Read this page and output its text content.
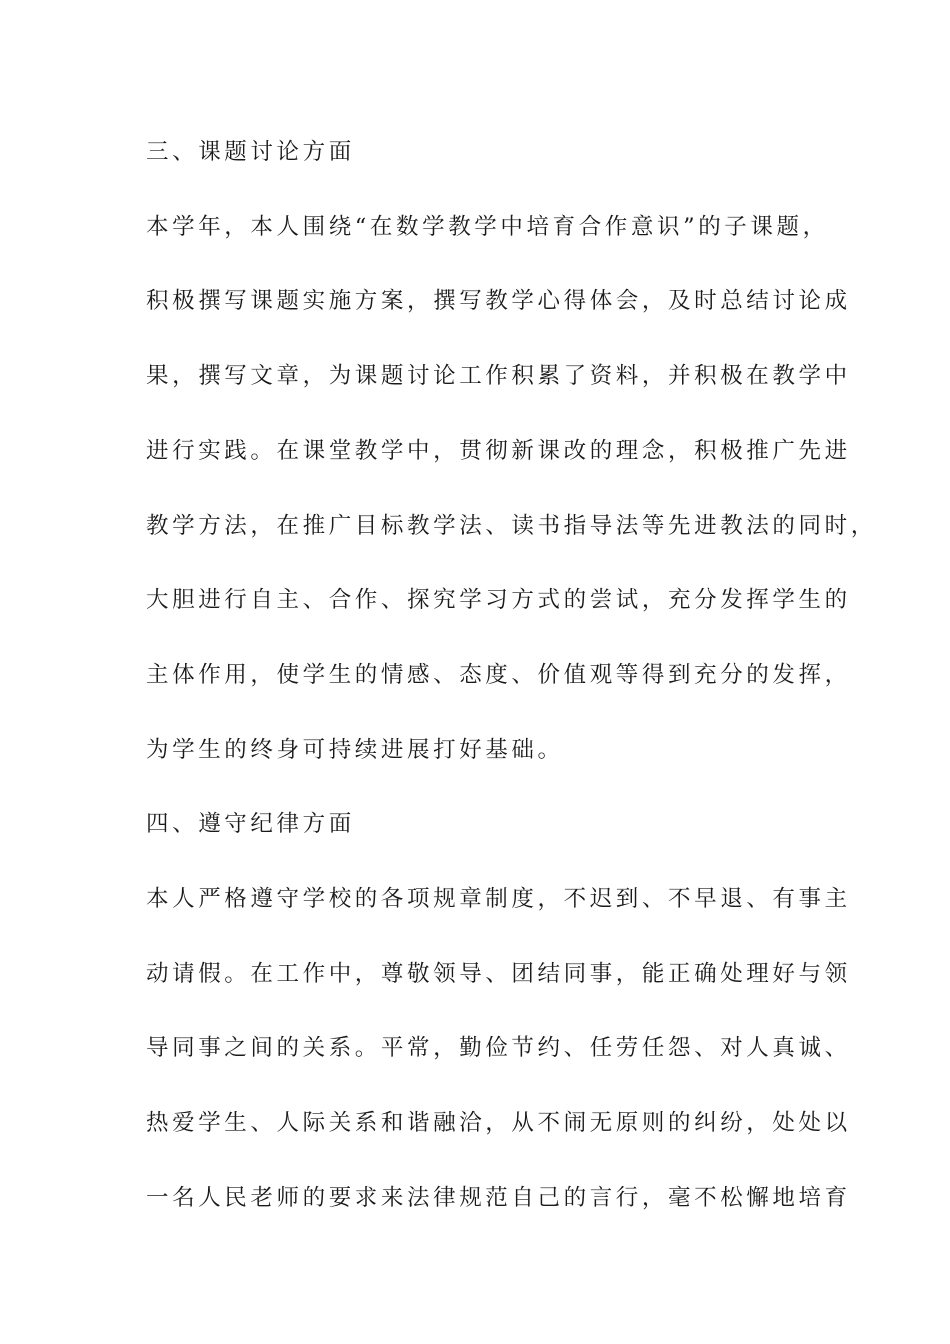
三、课题讨论方面
本学年，本人围绕“在数学教学中培育合作意识”的子课题，
积极撰写课题实施方案，撰写教学心得体会，及时总结讨论成
果，撰写文章，为课题讨论工作积累了资料，并积极在教学中
进行实践。在课堂教学中，贯彻新课改的理念，积极推广先进
教学方法，在推广目标教学法、读书指导法等先进教法的同时，
大胆进行自主、合作、探究学习方式的尝试，充分发挥学生的
主体作用，使学生的情感、态度、价值观等得到充分的发挥，
为学生的终身可持续进展打好基础。
四、遵守纪律方面
本人严格遵守学校的各项规章制度，不迟到、不早退、有事主
动请假。在工作中，尊敬领导、团结同事，能正确处理好与领
导同事之间的关系。平常，勤俭节约、任劳任怨、对人真诚、
热爱学生、人际关系和谐融洽，从不闹无原则的纠纷，处处以
一名人民老师的要求来法律规范自己的言行，毫不松懈地培育
